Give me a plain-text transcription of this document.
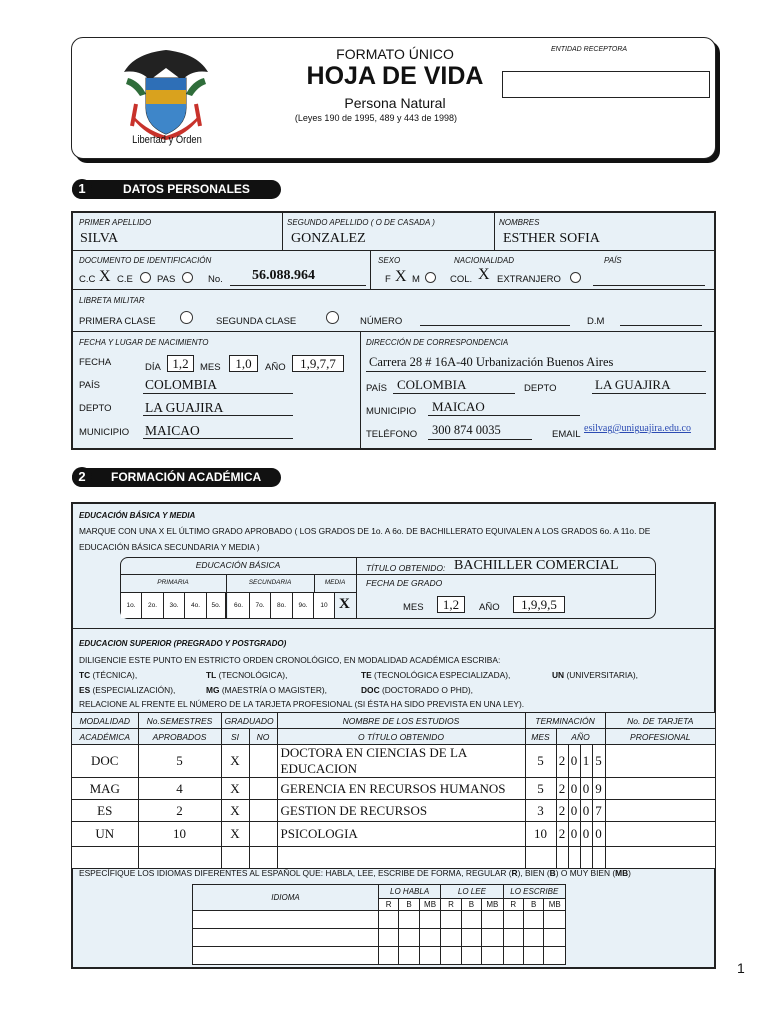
Libertad y Orden
FORMATO ÚNICO
HOJA DE VIDA
Persona Natural
(Leyes 190 de 1995, 489 y 443 de 1998)
ENTIDAD RECEPTORA
DATOS PERSONALES
1
PRIMER APELLIDO
SILVA
SEGUNDO APELLIDO ( O DE CASADA )
GONZALEZ
NOMBRES
ESTHER SOFIA
DOCUMENTO DE IDENTIFICACIÓN
C.C X C.E	PAS	No. 56.088.964
SEXO
F X M
NACIONALIDAD
COL. X EXTRANJERO
PAÍS
LIBRETA MILITAR
PRIMERA CLASE	SEGUNDA CLASE	NÚMERO	D.M
FECHA Y LUGAR DE NACIMIENTO
FECHA	DÍA 1,2	MES	1,0	AÑO	1,9,7,7
PAÍS	COLOMBIA
DEPTO LA GUAJIRA
MUNICIPIO MAICAO
DIRECCIÓN DE CORRESPONDENCIA
Carrera 28 # 16A-40 Urbanización Buenos Aires
PAÍS COLOMBIA	DEPTO	LA GUAJIRA
MUNICIPIO MAICAO
TELÉFONO 300 874 0035	EMAIL
esilvag@uniguajira.edu.co
FORMACIÓN ACADÉMICA
2
EDUCACIÓN BÁSICA Y MEDIA
MARQUE CON UNA X EL ÚLTIMO GRADO APROBADO ( LOS GRADOS DE 1o. A 6o. DE BACHILLERATO EQUIVALEN A LOS GRADOS 6o. A 11o. DE
EDUCACIÓN BÁSICA SECUNDARIA Y MEDIA )
EDUCACIÓN BÁSICA
PRIMARIA	SECUNDARIA	MEDIA
1o.	2o.	3o.	4o.	5o.	6o.	7o.	8o.	9o.	10 X
TÍTULO OBTENIDO: BACHILLER COMERCIAL
FECHA DE GRADO
MES	1,2	AÑO	1,9,9,5
EDUCACION SUPERIOR (PREGRADO Y POSTGRADO)
DILIGENCIE ESTE PUNTO EN ESTRICTO ORDEN CRONOLÓGICO, EN MODALIDAD ACADÉMICA ESCRIBA:
TC (TÉCNICA),	TL (TECNOLÓGICA),	TE (TECNOLÓGICA ESPECIALIZADA),	UN (UNIVERSITARIA),
ES (ESPECIALIZACIÓN),	MG (MAESTRÍA O MAGISTER),	DOC (DOCTORADO O PHD),
RELACIONE AL FRENTE EL NÚMERO DE LA TARJETA PROFESIONAL (SI ÉSTA HA SIDO PREVISTA EN UNA LEY).
MODALIDAD	No.SEMESTRES	GRADUADO		NOMBRE DE LOS ESTUDIOS	TERMINACIÓN					No. DE TARJETA
ACADÉMICA	APROBADOS	SI	NO	O TÍTULO OBTENIDO	MES	AÑO				PROFESIONAL
DOC	5	X		DOCTORA EN CIENCIAS DE LA EDUCACION	5	2	0	1	5	
MAG	4	X		GERENCIA EN RECURSOS HUMANOS	5	2	0	0	9	
ES	2	X		GESTION DE RECURSOS	3	2	0	0	7	
UN	10	X		PSICOLOGIA	10	2	0	0	0	

ESPECÍFIQUE LOS IDIOMAS DIFERENTES AL ESPAÑOL QUE: HABLA, LEE, ESCRIBE DE FORMA, REGULAR (R), BIEN (B) O MUY BIEN (MB)
IDIOMA	LO HABLA			LO LEE			LO ESCRIBE		
	R	B	MB	R	B	MB	R	B	MB

1
